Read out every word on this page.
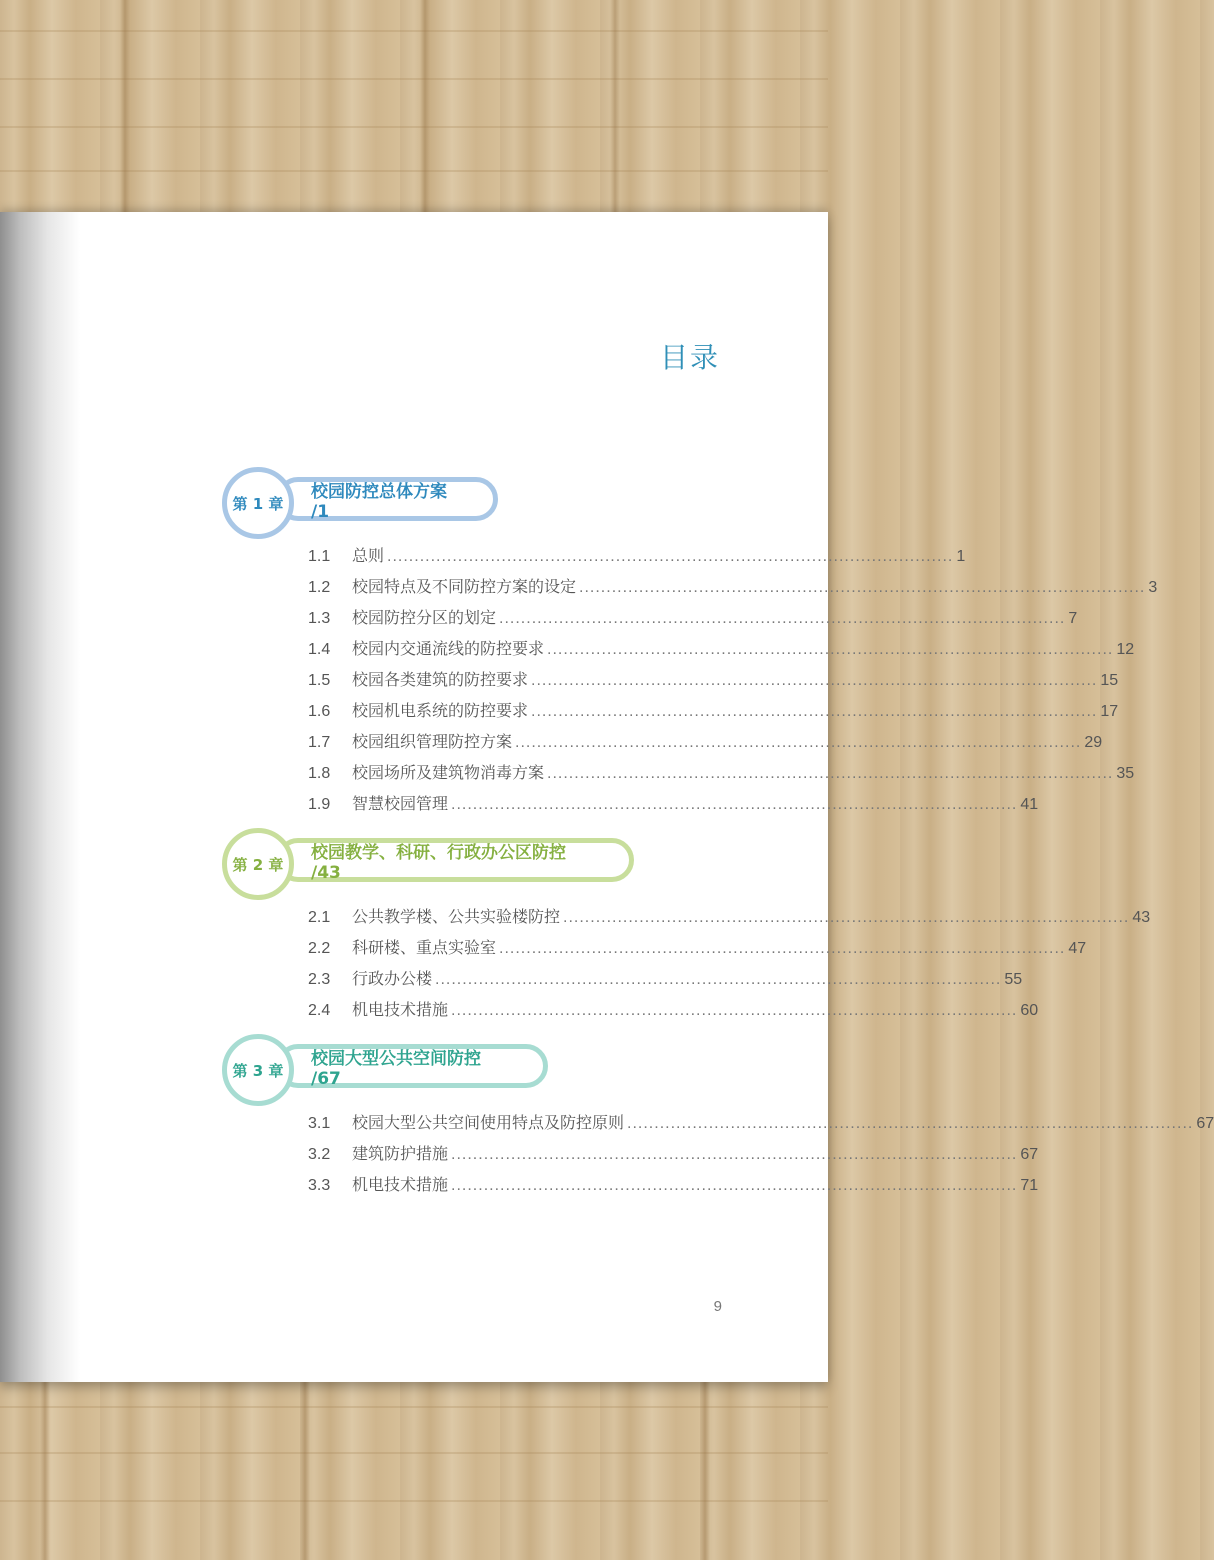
目录
第 1 章
校园防控总体方案 /1
1.1	总则 ........................................................................................................ 1
1.2	校园特点及不同防控方案的设定 ........................................................................................................ 3
1.3	校园防控分区的划定 ........................................................................................................ 7
1.4	校园内交通流线的防控要求 ........................................................................................................ 12
1.5	校园各类建筑的防控要求 ........................................................................................................ 15
1.6	校园机电系统的防控要求 ........................................................................................................ 17
1.7	校园组织管理防控方案 ........................................................................................................ 29
1.8	校园场所及建筑物消毒方案 ........................................................................................................ 35
1.9	智慧校园管理 ........................................................................................................ 41
第 2 章
校园教学、科研、行政办公区防控 /43
2.1	公共教学楼、公共实验楼防控 ........................................................................................................ 43
2.2	科研楼、重点实验室 ........................................................................................................ 47
2.3	行政办公楼 ........................................................................................................ 55
2.4	机电技术措施 ........................................................................................................ 60
第 3 章
校园大型公共空间防控 /67
3.1	校园大型公共空间使用特点及防控原则 ........................................................................................................ 67
3.2	建筑防护措施 ........................................................................................................ 67
3.3	机电技术措施 ........................................................................................................ 71
9
